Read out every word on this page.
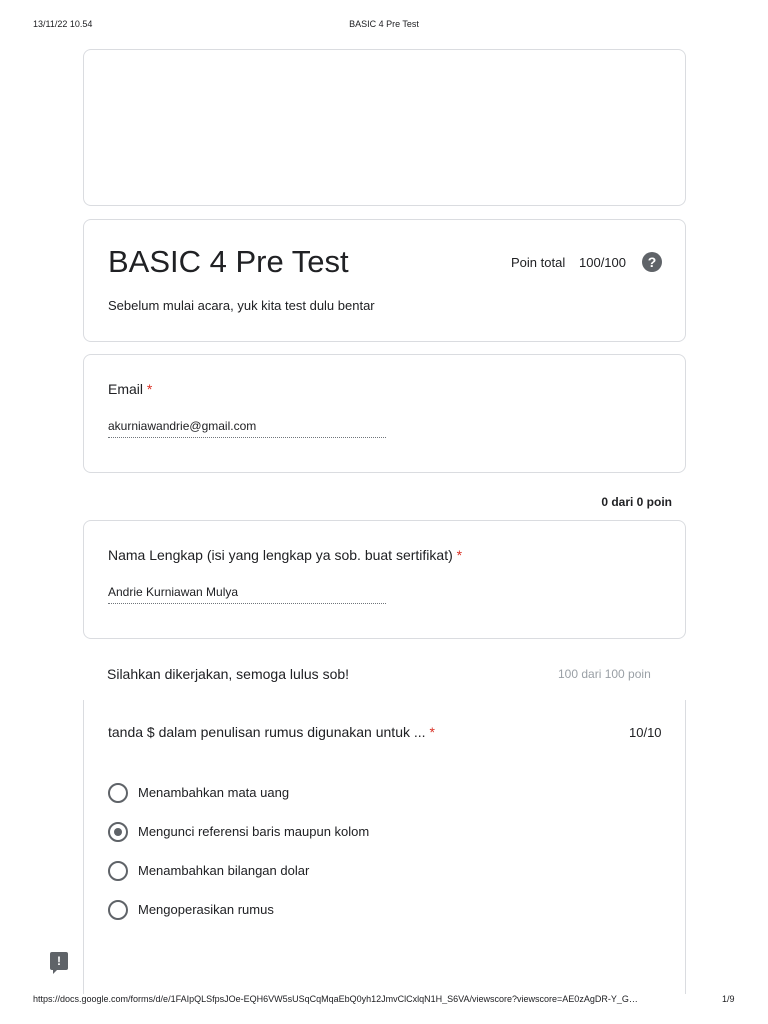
13/11/22 10.54	BASIC 4 Pre Test
BASIC 4 Pre Test
Sebelum mulai acara, yuk kita test dulu bentar
Poin total 100/100	?
Email *
akurniawandrie@gmail.com
0 dari 0 poin
Nama Lengkap (isi yang lengkap ya sob. buat sertifikat) *
Andrie Kurniawan Mulya
Silahkan dikerjakan, semoga lulus sob!	100 dari 100 poin
tanda $ dalam penulisan rumus digunakan untuk ... *	10/10
Menambahkan mata uang
Mengunci referensi baris maupun kolom
Menambahkan bilangan dolar
Mengoperasikan rumus
!
https://docs.google.com/forms/d/e/1FAIpQLSfpsJOe-EQH6VW5sUSqCqMqaEbQ0yh12JmvClCxlqN1H_S6VA/viewscore?viewscore=AE0zAgDR-Y_G…	1/9
